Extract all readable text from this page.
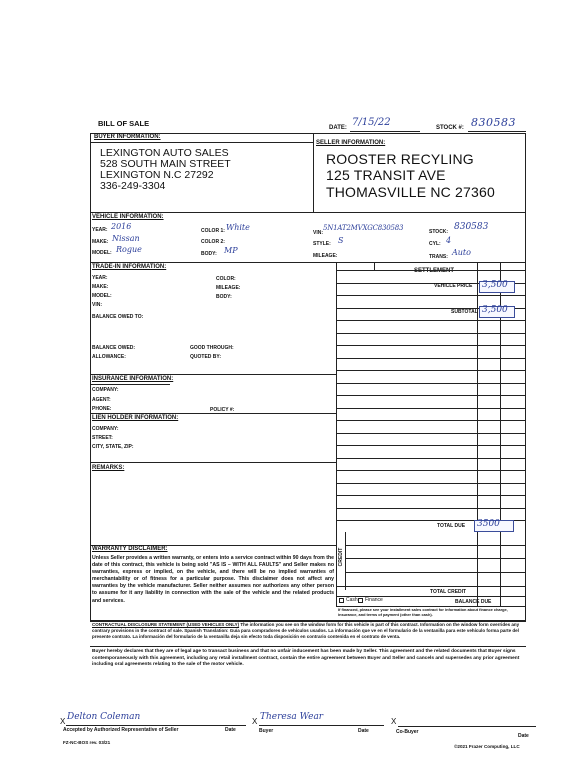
BILL OF SALE	DATE: 7/15/22	STOCK #: 830583
BUYER INFORMATION:
LEXINGTON AUTO SALES
528 SOUTH MAIN STREET
LEXINGTON N.C 27292
336-249-3304
SELLER INFORMATION:
ROOSTER RECYLING
125 TRANSIT AVE
THOMASVILLE NC 27360
VEHICLE INFORMATION:
YEAR: 2016
MAKE: Nissan
MODEL: Rogue
COLOR 1: White
COLOR 2:
BODY: MP
VIN:
5N1AT2MVXGC830583
STYLE: S
MILEAGE:
STOCK: 830583
CYL: 4
TRANS: Auto
TRADE-IN INFORMATION:
YEAR:
MAKE:
MODEL:
VIN:
COLOR:
MILEAGE:
BODY:
BALANCE OWED TO:
BALANCE OWED:
ALLOWANCE:
GOOD THROUGH:
QUOTED BY:
INSURANCE INFORMATION:
COMPANY:
AGENT:
PHONE:	POLICY #:
LIEN HOLDER INFORMATION:
COMPANY:
STREET:
CITY, STATE, ZIP:
REMARKS:
SETTLEMENT
VEHICLE PRICE 3,500
SUBTOTAL 3,500
TOTAL DUE 3500
CREDIT
TOTAL CREDIT
Cash Finance	BALANCE DUE
If financed, please see your installment sales contract for information about finance charge, insurance, and terms of payment (other than cash).
WARRANTY DISCLAIMER:
Unless Seller provides a written warranty, or enters into a service contract within 90 days from the date of this contract, this vehicle is being sold "AS IS – WITH ALL FAULTS" and Seller makes no warranties, express or implied, on the vehicle, and there will be no implied warranties of merchantability or of fitness for a particular purpose. This disclaimer does not affect any warranties by the vehicle manufacturer. Seller neither assumes nor authorizes any other person to assume for it any liability in connection with the sale of the vehicle and the related products and services.
CONTRACTUAL DISCLOSURE STATEMENT (USED VEHICLES ONLY) The information you see on the window form for this vehicle is part of this contract. Information on the window form overrides any contrary provisions in the contract of sale. Spanish Translation: Guía para compradores de vehículos usados. La información que ve en el formulario de la ventanilla para este vehículo forma parte del presente contrato. La información del formulario de la ventanilla deja sin efecto toda disposición en contrario contenida en el contrato de venta.
Buyer hereby declares that they are of legal age to transact business and that no unfair inducement has been made by Seller. This agreement and the related documents that Buyer signs contemporaneously with this agreement, including any retail installment contract, contain the entire agreement between Buyer and Seller and cancels and supersedes any prior agreement including oral agreements relating to the sale of the motor vehicle.
X Delton Coleman
Accepted by Authorized Representative of Seller	Date
X Theresa Wear
Buyer	Date
X
Co-Buyer
Date
FZ-NC-BOS rev. 03/21
©2021 Frazer Computing, LLC
